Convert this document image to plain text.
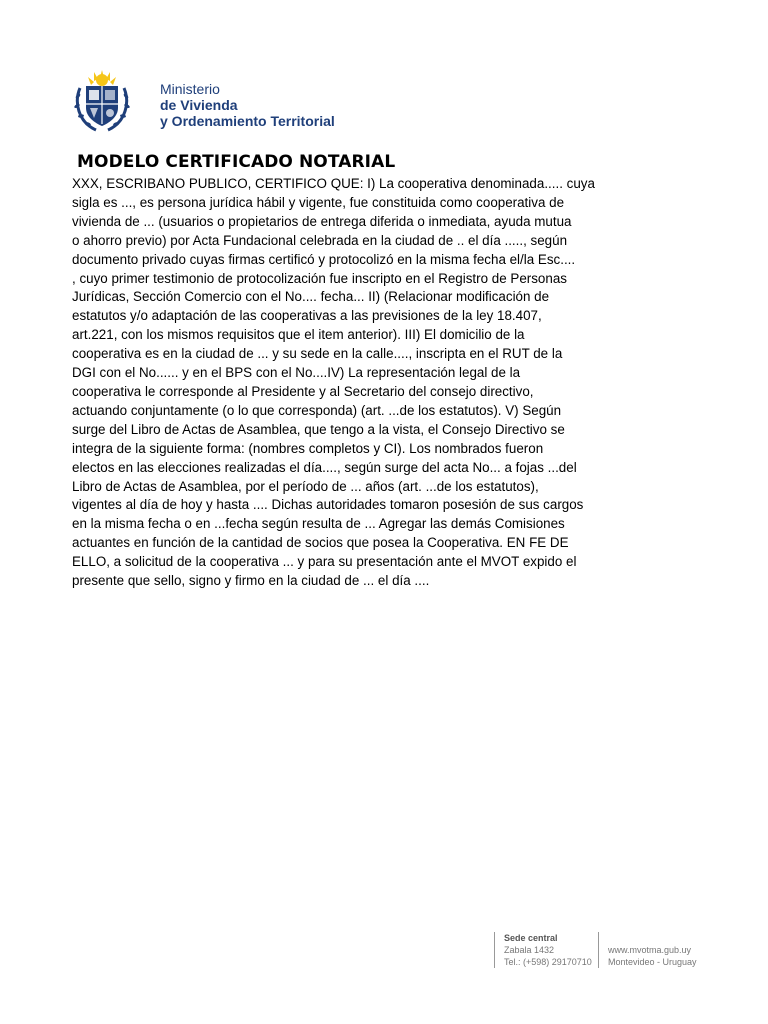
Ministerio
de Vivienda
y Ordenamiento Territorial
MODELO CERTIFICADO NOTARIAL
XXX, ESCRIBANO PUBLICO, CERTIFICO QUE: I) La cooperativa denominada..... cuya
sigla es ..., es persona jurídica hábil y vigente, fue constituida como cooperativa de
vivienda de ... (usuarios o propietarios de entrega diferida o inmediata, ayuda mutua
o ahorro previo) por Acta Fundacional celebrada en la ciudad de .. el día ....., según
documento privado cuyas firmas certificó y protocolizó en la misma fecha el/la Esc....
, cuyo primer testimonio de protocolización fue inscripto en el Registro de Personas
Jurídicas, Sección Comercio con el No.... fecha... II) (Relacionar modificación de
estatutos y/o adaptación de las cooperativas a las previsiones de la ley 18.407,
art.221, con los mismos requisitos que el item anterior). III) El domicilio de la
cooperativa es en la ciudad de ... y su sede en la calle...., inscripta en el RUT de la
DGI con el No...... y en el BPS con el No....IV) La representación legal de la
cooperativa le corresponde al Presidente y al Secretario del consejo directivo,
actuando conjuntamente (o lo que corresponda) (art. ...de los estatutos). V) Según
surge del Libro de Actas de Asamblea, que tengo a la vista, el Consejo Directivo se
integra de la siguiente forma: (nombres completos y CI). Los nombrados fueron
electos en las elecciones realizadas el día...., según surge del acta No... a fojas ...del
Libro de Actas de Asamblea, por el período de ... años (art. ...de los estatutos),
vigentes al día de hoy y hasta .... Dichas autoridades tomaron posesión de sus cargos
en la misma fecha o en ...fecha según resulta de ... Agregar las demás Comisiones
actuantes en función de la cantidad de socios que posea la Cooperativa. EN FE DE
ELLO, a solicitud de la cooperativa ... y para su presentación ante el MVOT expido el
presente que sello, signo y firmo en la ciudad de ... el día ....
Sede central
Zabala 1432
Tel.: (+598) 29170710

www.mvotma.gub.uy
Montevideo - Uruguay
